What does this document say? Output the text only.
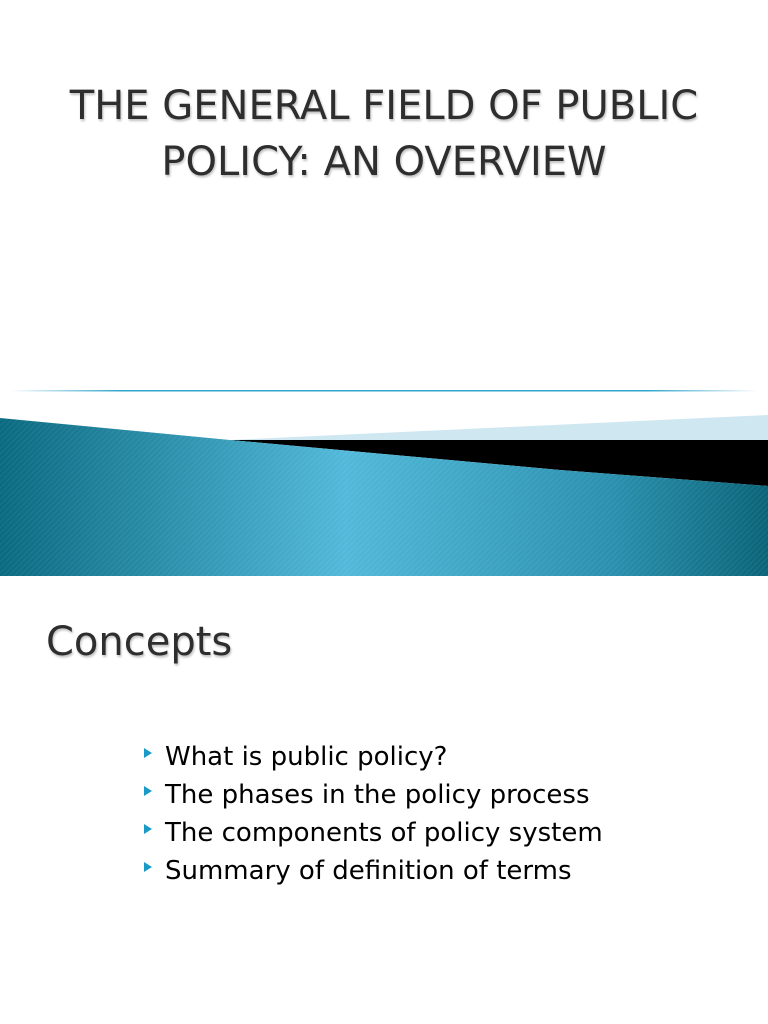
THE GENERAL FIELD OF PUBLIC POLICY: AN OVERVIEW
Concepts
What is public policy?
The phases in the policy process
The components of policy system
Summary of definition of terms
